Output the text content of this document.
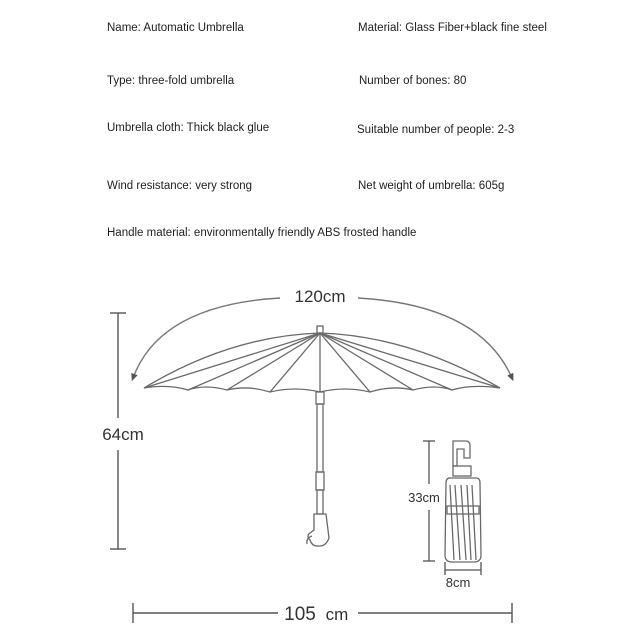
Name: Automatic Umbrella	Material: Glass Fiber+black fine steel
Type: three-fold umbrella	Number of bones: 80
Umbrella cloth: Thick black glue	Suitable number of people: 2-3
Wind resistance: very strong	Net weight of umbrella: 605g
Handle material: environmentally friendly ABS frosted handle
120cm
64cm
33cm
8cm
105 cm
